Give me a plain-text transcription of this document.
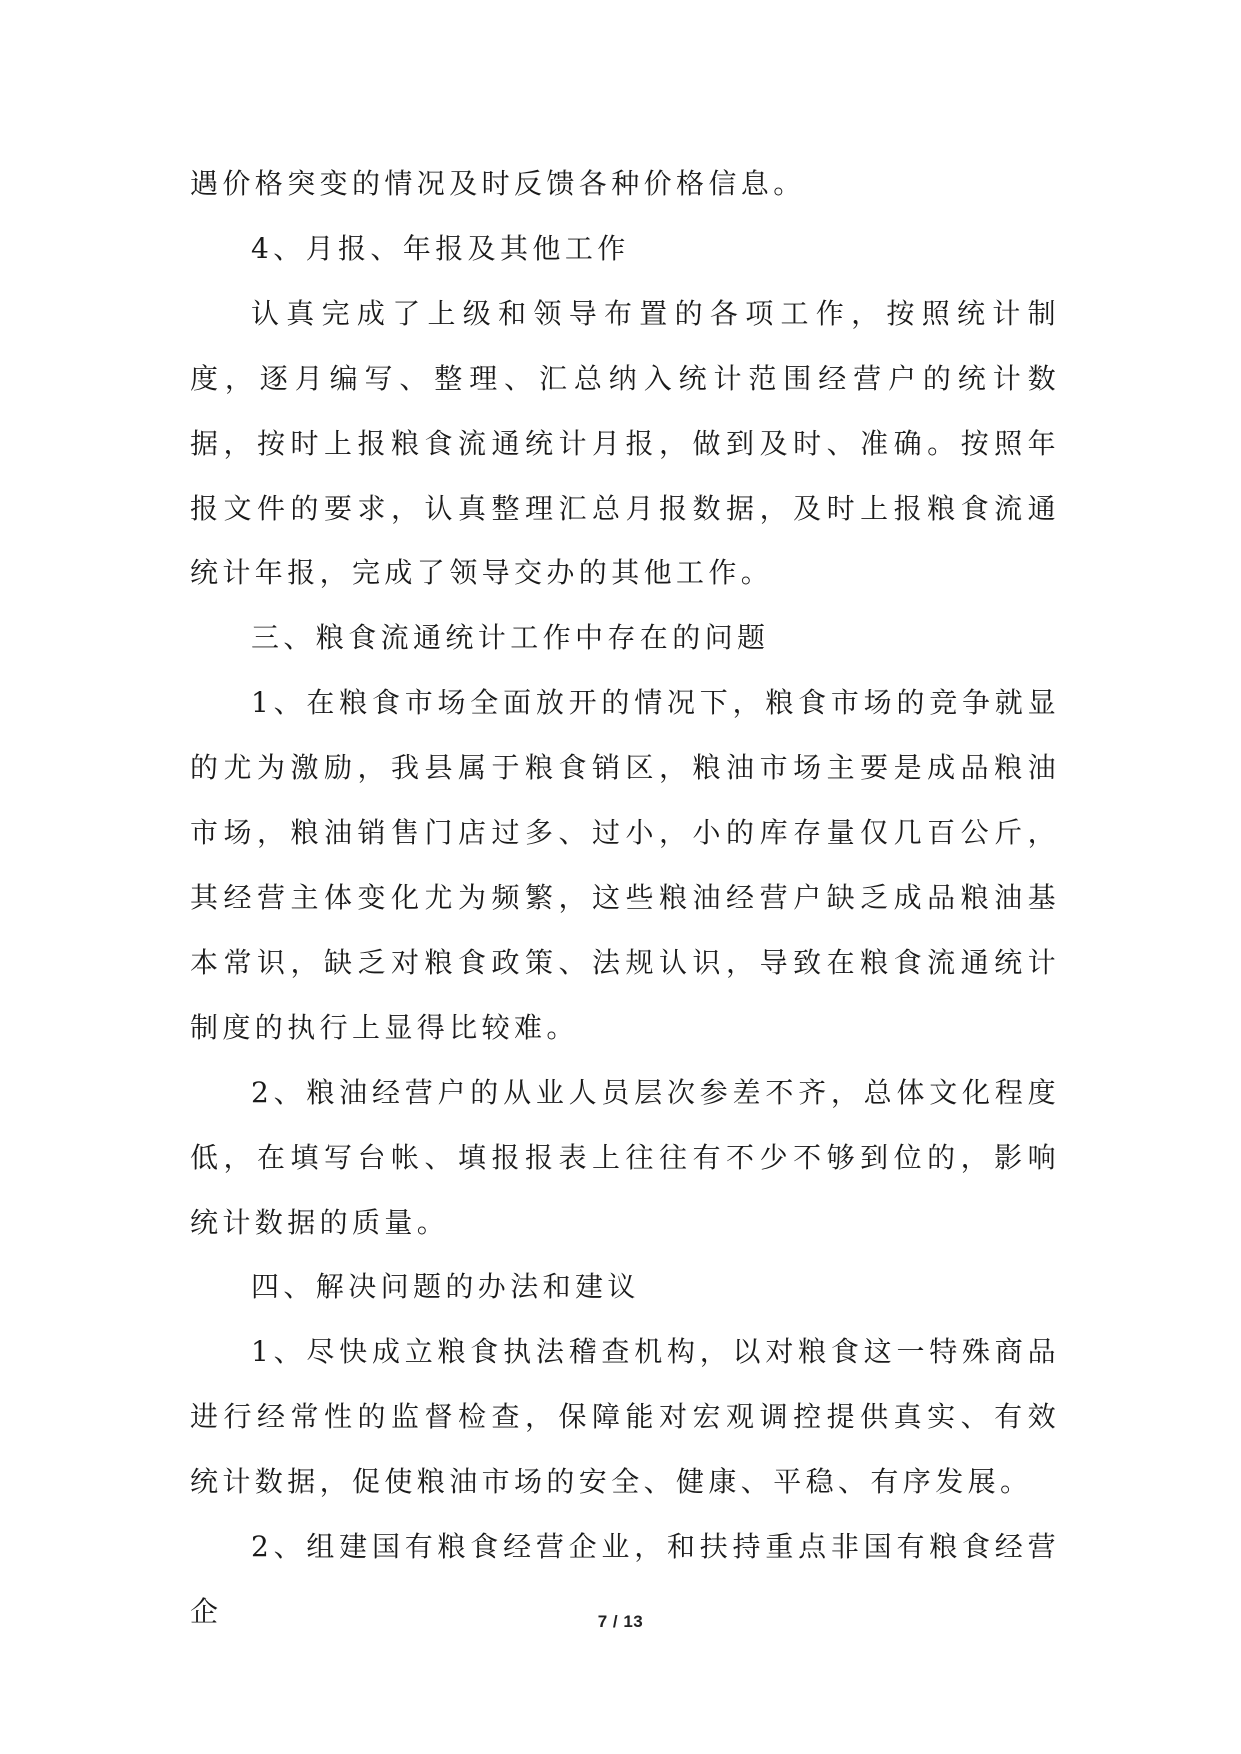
遇价格突变的情况及时反馈各种价格信息。

4、月报、年报及其他工作

认真完成了上级和领导布置的各项工作，按照统计制度，逐月编写、整理、汇总纳入统计范围经营户的统计数据，按时上报粮食流通统计月报，做到及时、准确。按照年报文件的要求，认真整理汇总月报数据，及时上报粮食流通统计年报，完成了领导交办的其他工作。

三、粮食流通统计工作中存在的问题

1、在粮食市场全面放开的情况下，粮食市场的竞争就显的尤为激励，我县属于粮食销区，粮油市场主要是成品粮油市场，粮油销售门店过多、过小，小的库存量仅几百公斤，其经营主体变化尤为频繁，这些粮油经营户缺乏成品粮油基本常识，缺乏对粮食政策、法规认识，导致在粮食流通统计制度的执行上显得比较难。

2、粮油经营户的从业人员层次参差不齐，总体文化程度低，在填写台帐、填报报表上往往有不少不够到位的，影响统计数据的质量。

四、解决问题的办法和建议

1、尽快成立粮食执法稽查机构，以对粮食这一特殊商品进行经常性的监督检查，保障能对宏观调控提供真实、有效统计数据，促使粮油市场的安全、健康、平稳、有序发展。

2、组建国有粮食经营企业，和扶持重点非国有粮食经营企	7 / 13
